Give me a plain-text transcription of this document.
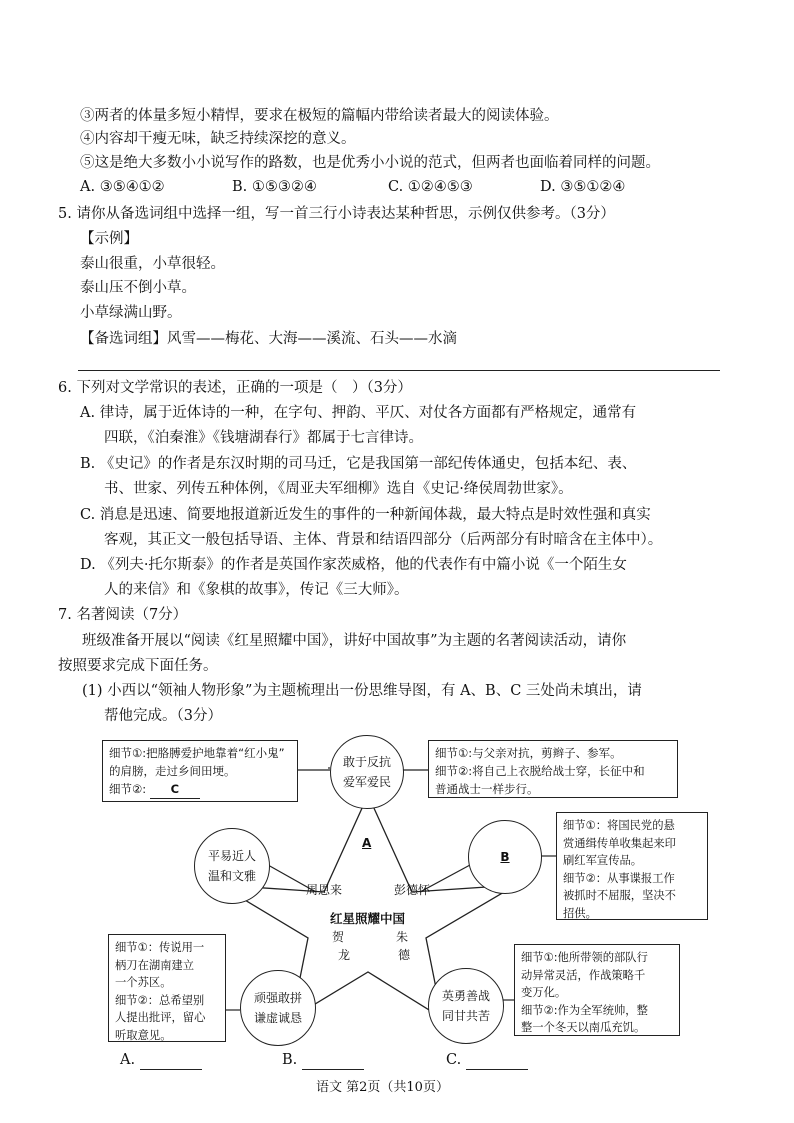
③两者的体量多短小精悍，要求在极短的篇幅内带给读者最大的阅读体验。
④内容却干瘦无味，缺乏持续深挖的意义。
⑤这是绝大多数小小说写作的路数，也是优秀小小说的范式，但两者也面临着同样的问题。
A. ③⑤④①②	B. ①⑤③②④	C. ①②④⑤③	D. ③⑤①②④
5. 请你从备选词组中选择一组，写一首三行小诗表达某种哲思，示例仅供参考。（3分）
【示例】
泰山很重，小草很轻。
泰山压不倒小草。
小草绿满山野。
【备选词组】风雪——梅花、大海——溪流、石头——水滴
6. 下列对文学常识的表述，正确的一项是（　）（3分）
A. 律诗，属于近体诗的一种，在字句、押韵、平仄、对仗各方面都有严格规定，通常有
四联，《泊秦淮》《钱塘湖春行》都属于七言律诗。
B. 《史记》的作者是东汉时期的司马迁，它是我国第一部纪传体通史，包括本纪、表、
书、世家、列传五种体例，《周亚夫军细柳》选自《史记·绛侯周勃世家》。
C. 消息是迅速、简要地报道新近发生的事件的一种新闻体裁，最大特点是时效性强和真实
客观，其正文一般包括导语、主体、背景和结语四部分（后两部分有时暗含在主体中）。
D. 《列夫·托尔斯泰》的作者是英国作家茨威格，他的代表作有中篇小说《一个陌生女
人的来信》和《象棋的故事》，传记《三大师》。
7. 名著阅读（7分）
班级准备开展以“阅读《红星照耀中国》，讲好中国故事”为主题的名著阅读活动，请你
按照要求完成下面任务。
(1) 小西以“领袖人物形象”为主题梳理出一份思维导图，有 A、B、C 三处尚未填出，请
帮他完成。（3分）
A
周恩来	彭德怀
红星照耀中国
贺
龙
朱
德
敢于反抗
爱军爱民
平易近人
温和文雅
B
顽强敢拼
谦虚诚恳
英勇善战
同甘共苦
细节①:把胳膊爱护地靠着“红小鬼”
的肩膀，走过乡间田埂。
细节②: C
细节①:与父亲对抗，剪辫子、参军。
细节②:将自己上衣脱给战士穿，长征中和
普通战士一样步行。
细节①：将国民党的悬
赏通缉传单收集起来印
刷红军宣传品。
细节②：从事谍报工作
被抓时不屈服，坚决不
招供。
细节①：传说用一
柄刀在湖南建立
一个苏区。
细节②：总希望别
人提出批评，留心
听取意见。
细节①:他所带领的部队行
动异常灵活，作战策略千
变万化。
细节②:作为全军统帅，整
整一个冬天以南瓜充饥。
A.	B.	C.
语文 第2页（共10页）
